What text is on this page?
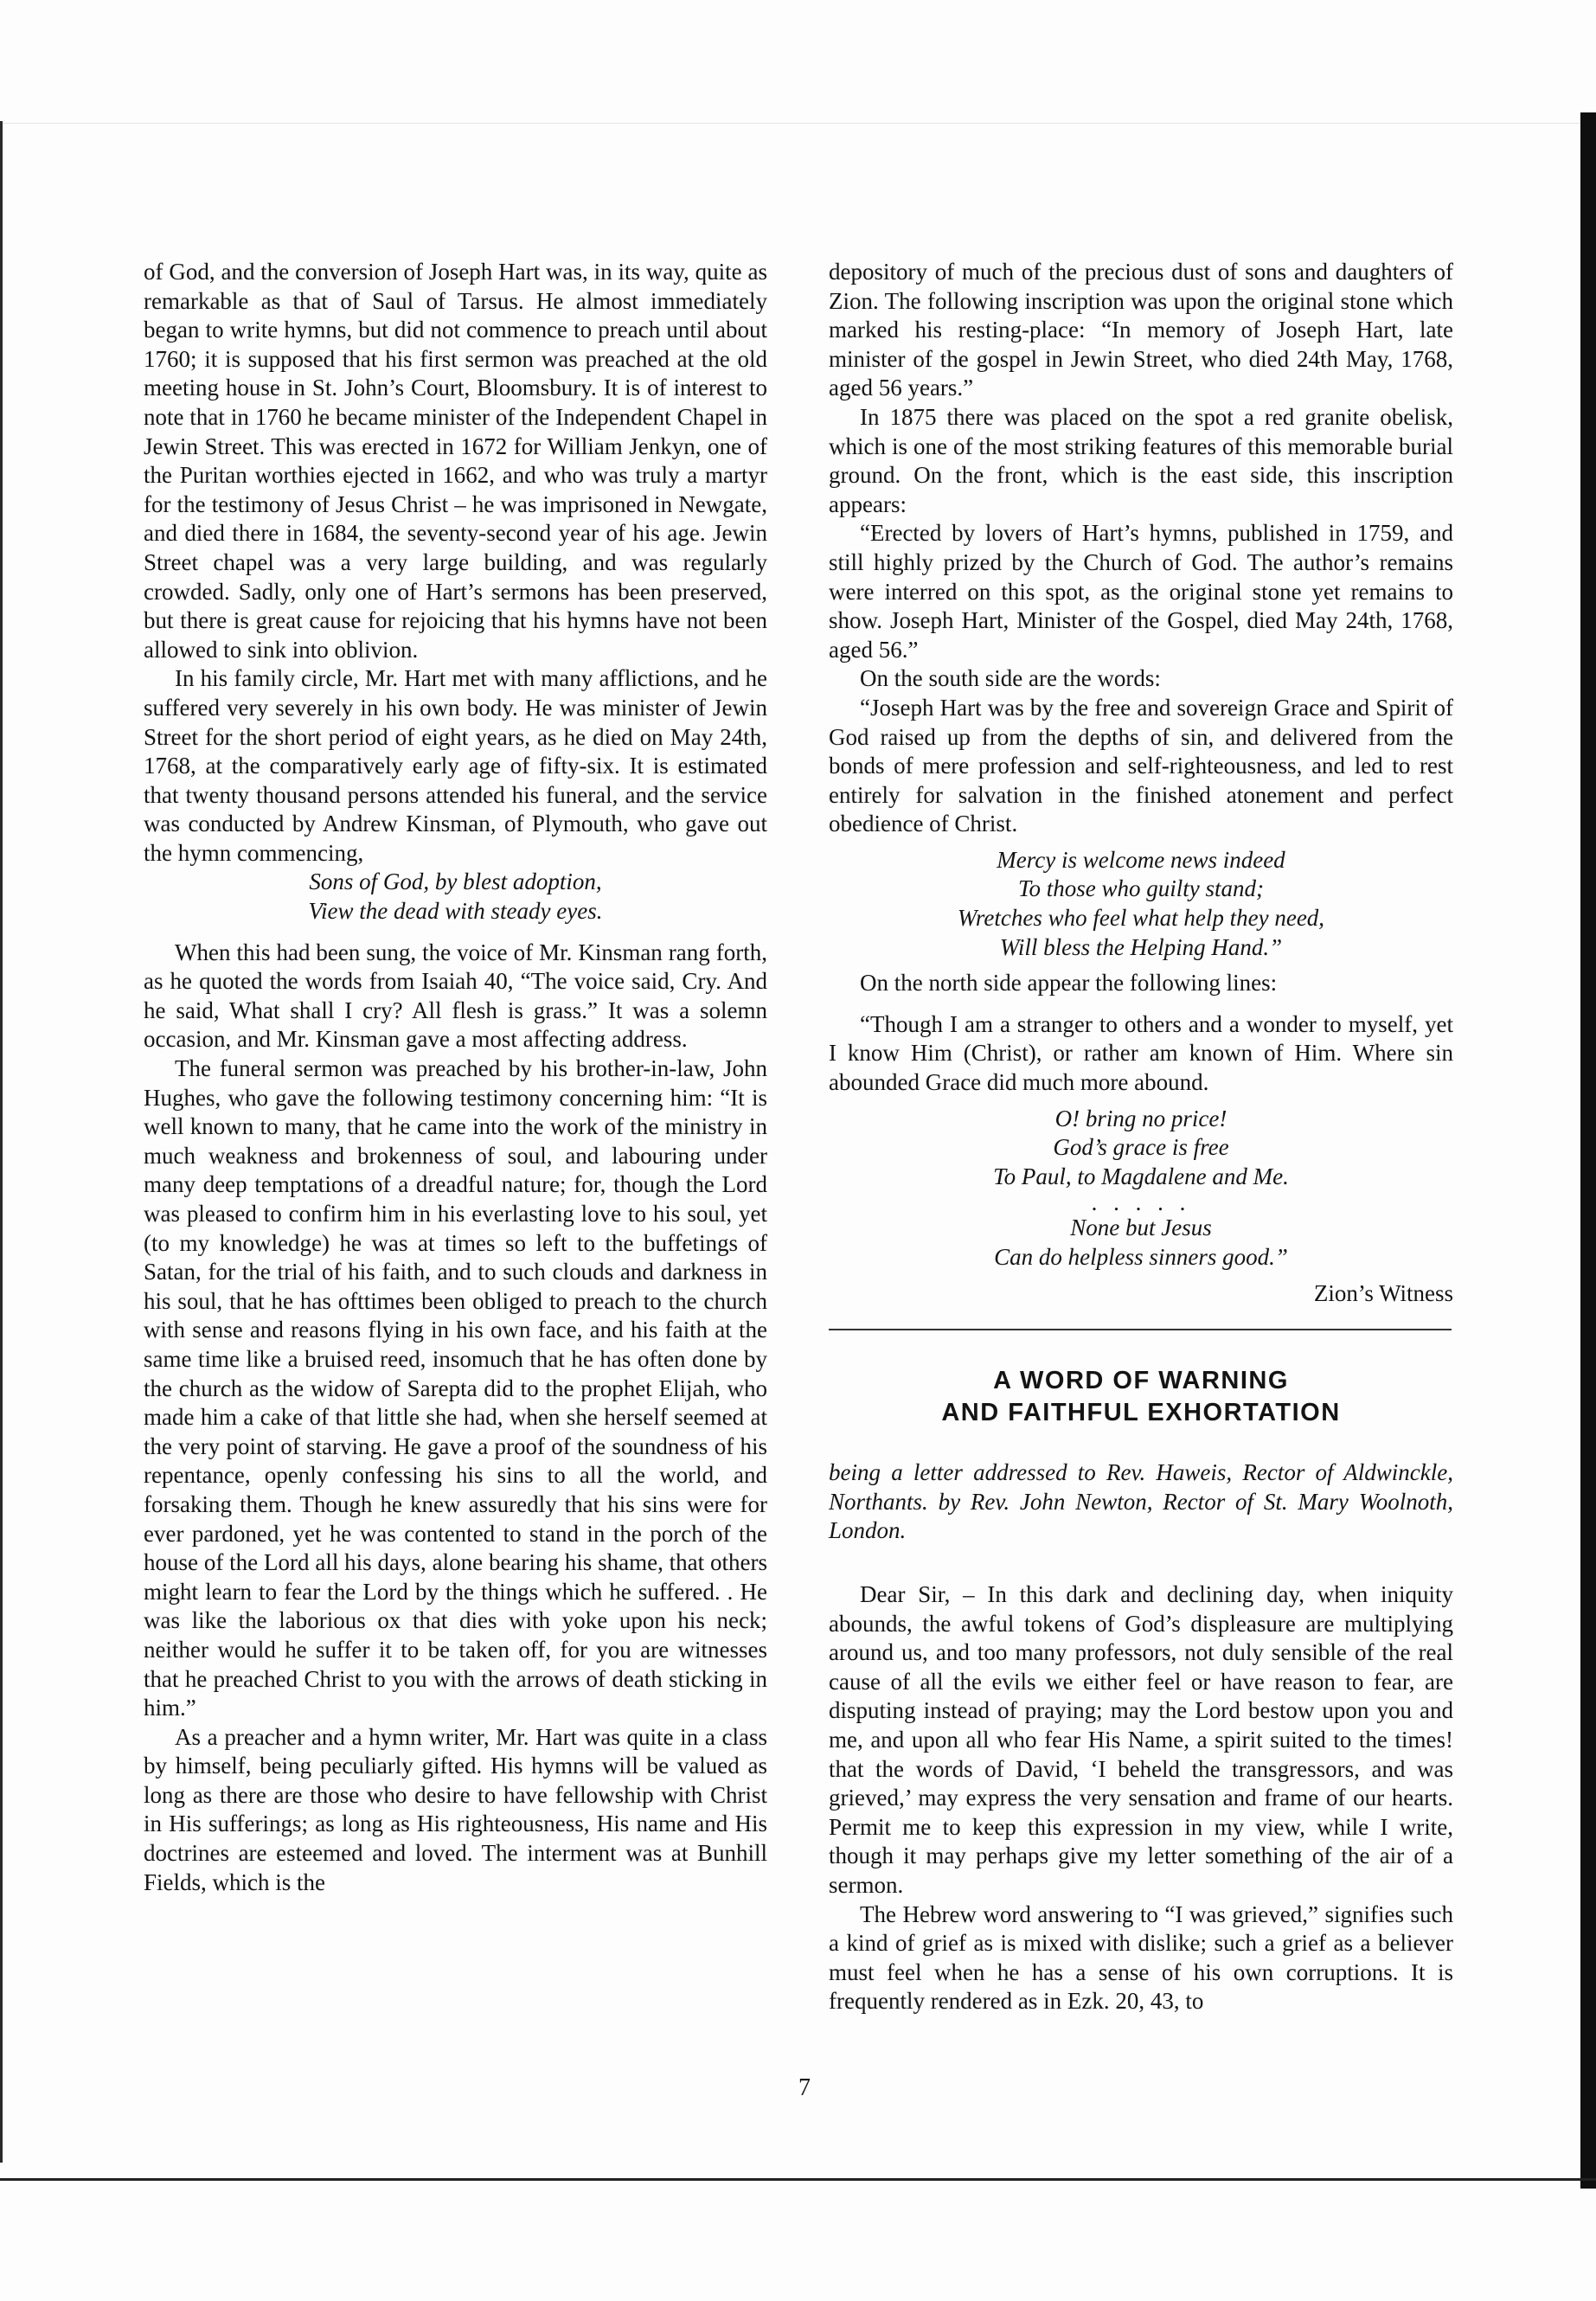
of God, and the conversion of Joseph Hart was, in its way, quite as remarkable as that of Saul of Tarsus. He almost immediately began to write hymns, but did not commence to preach until about 1760; it is supposed that his first sermon was preached at the old meeting house in St. John’s Court, Bloomsbury. It is of interest to note that in 1760 he became minister of the Independent Chapel in Jewin Street. This was erected in 1672 for William Jenkyn, one of the Puritan worthies ejected in 1662, and who was truly a martyr for the testimony of Jesus Christ – he was imprisoned in Newgate, and died there in 1684, the seventy-second year of his age. Jewin Street chapel was a very large building, and was regularly crowded. Sadly, only one of Hart’s sermons has been preserved, but there is great cause for rejoicing that his hymns have not been allowed to sink into oblivion.

In his family circle, Mr. Hart met with many afflictions, and he suffered very severely in his own body. He was minister of Jewin Street for the short period of eight years, as he died on May 24th, 1768, at the comparatively early age of fifty-six. It is estimated that twenty thousand persons attended his funeral, and the service was conducted by Andrew Kinsman, of Plymouth, who gave out the hymn commencing,

Sons of God, by blest adoption,
View the dead with steady eyes.

When this had been sung, the voice of Mr. Kinsman rang forth, as he quoted the words from Isaiah 40, “The voice said, Cry. And he said, What shall I cry? All flesh is grass.” It was a solemn occasion, and Mr. Kinsman gave a most affecting address.

The funeral sermon was preached by his brother-in-law, John Hughes, who gave the following testimony concerning him: “It is well known to many, that he came into the work of the ministry in much weakness and brokenness of soul, and labouring under many deep temptations of a dreadful nature; for, though the Lord was pleased to confirm him in his everlasting love to his soul, yet (to my knowledge) he was at times so left to the buffetings of Satan, for the trial of his faith, and to such clouds and darkness in his soul, that he has ofttimes been obliged to preach to the church with sense and reasons flying in his own face, and his faith at the same time like a bruised reed, insomuch that he has often done by the church as the widow of Sarepta did to the prophet Elijah, who made him a cake of that little she had, when she herself seemed at the very point of starving. He gave a proof of the soundness of his repentance, openly confessing his sins to all the world, and forsaking them. Though he knew assuredly that his sins were for ever pardoned, yet he was contented to stand in the porch of the house of the Lord all his days, alone bearing his shame, that others might learn to fear the Lord by the things which he suffered. . He was like the laborious ox that dies with yoke upon his neck; neither would he suffer it to be taken off, for you are witnesses that he preached Christ to you with the arrows of death sticking in him.”

As a preacher and a hymn writer, Mr. Hart was quite in a class by himself, being peculiarly gifted. His hymns will be valued as long as there are those who desire to have fellowship with Christ in His sufferings; as long as His righteousness, His name and His doctrines are esteemed and loved. The interment was at Bunhill Fields, which is the

depository of much of the precious dust of sons and daughters of Zion. The following inscription was upon the original stone which marked his resting-place: “In memory of Joseph Hart, late minister of the gospel in Jewin Street, who died 24th May, 1768, aged 56 years.”

In 1875 there was placed on the spot a red granite obelisk, which is one of the most striking features of this memorable burial ground. On the front, which is the east side, this inscription appears:

“Erected by lovers of Hart’s hymns, published in 1759, and still highly prized by the Church of God. The author’s remains were interred on this spot, as the original stone yet remains to show. Joseph Hart, Minister of the Gospel, died May 24th, 1768, aged 56.”

On the south side are the words:

“Joseph Hart was by the free and sovereign Grace and Spirit of God raised up from the depths of sin, and delivered from the bonds of mere profession and self-righteousness, and led to rest entirely for salvation in the finished atonement and perfect obedience of Christ.

Mercy is welcome news indeed
To those who guilty stand;
Wretches who feel what help they need,
Will bless the Helping Hand.”

On the north side appear the following lines:

“Though I am a stranger to others and a wonder to myself, yet I know Him (Christ), or rather am known of Him. Where sin abounded Grace did much more abound.

O! bring no price!
God’s grace is free
To Paul, to Magdalene and Me.
. . . . .
None but Jesus
Can do helpless sinners good.”
Zion’s Witness
A WORD OF WARNING
AND FAITHFUL EXHORTATION
being a letter addressed to Rev. Haweis, Rector of Aldwinckle, Northants. by Rev. John Newton, Rector of St. Mary Woolnoth, London.

Dear Sir, – In this dark and declining day, when iniquity abounds, the awful tokens of God’s displeasure are multiplying around us, and too many professors, not duly sensible of the real cause of all the evils we either feel or have reason to fear, are disputing instead of praying; may the Lord bestow upon you and me, and upon all who fear His Name, a spirit suited to the times! that the words of David, ‘I beheld the transgressors, and was grieved,’ may express the very sensation and frame of our hearts. Permit me to keep this expression in my view, while I write, though it may perhaps give my letter something of the air of a sermon.

The Hebrew word answering to “I was grieved,” signifies such a kind of grief as is mixed with dislike; such a grief as a believer must feel when he has a sense of his own corruptions. It is frequently rendered as in Ezk. 20, 43, to

7
